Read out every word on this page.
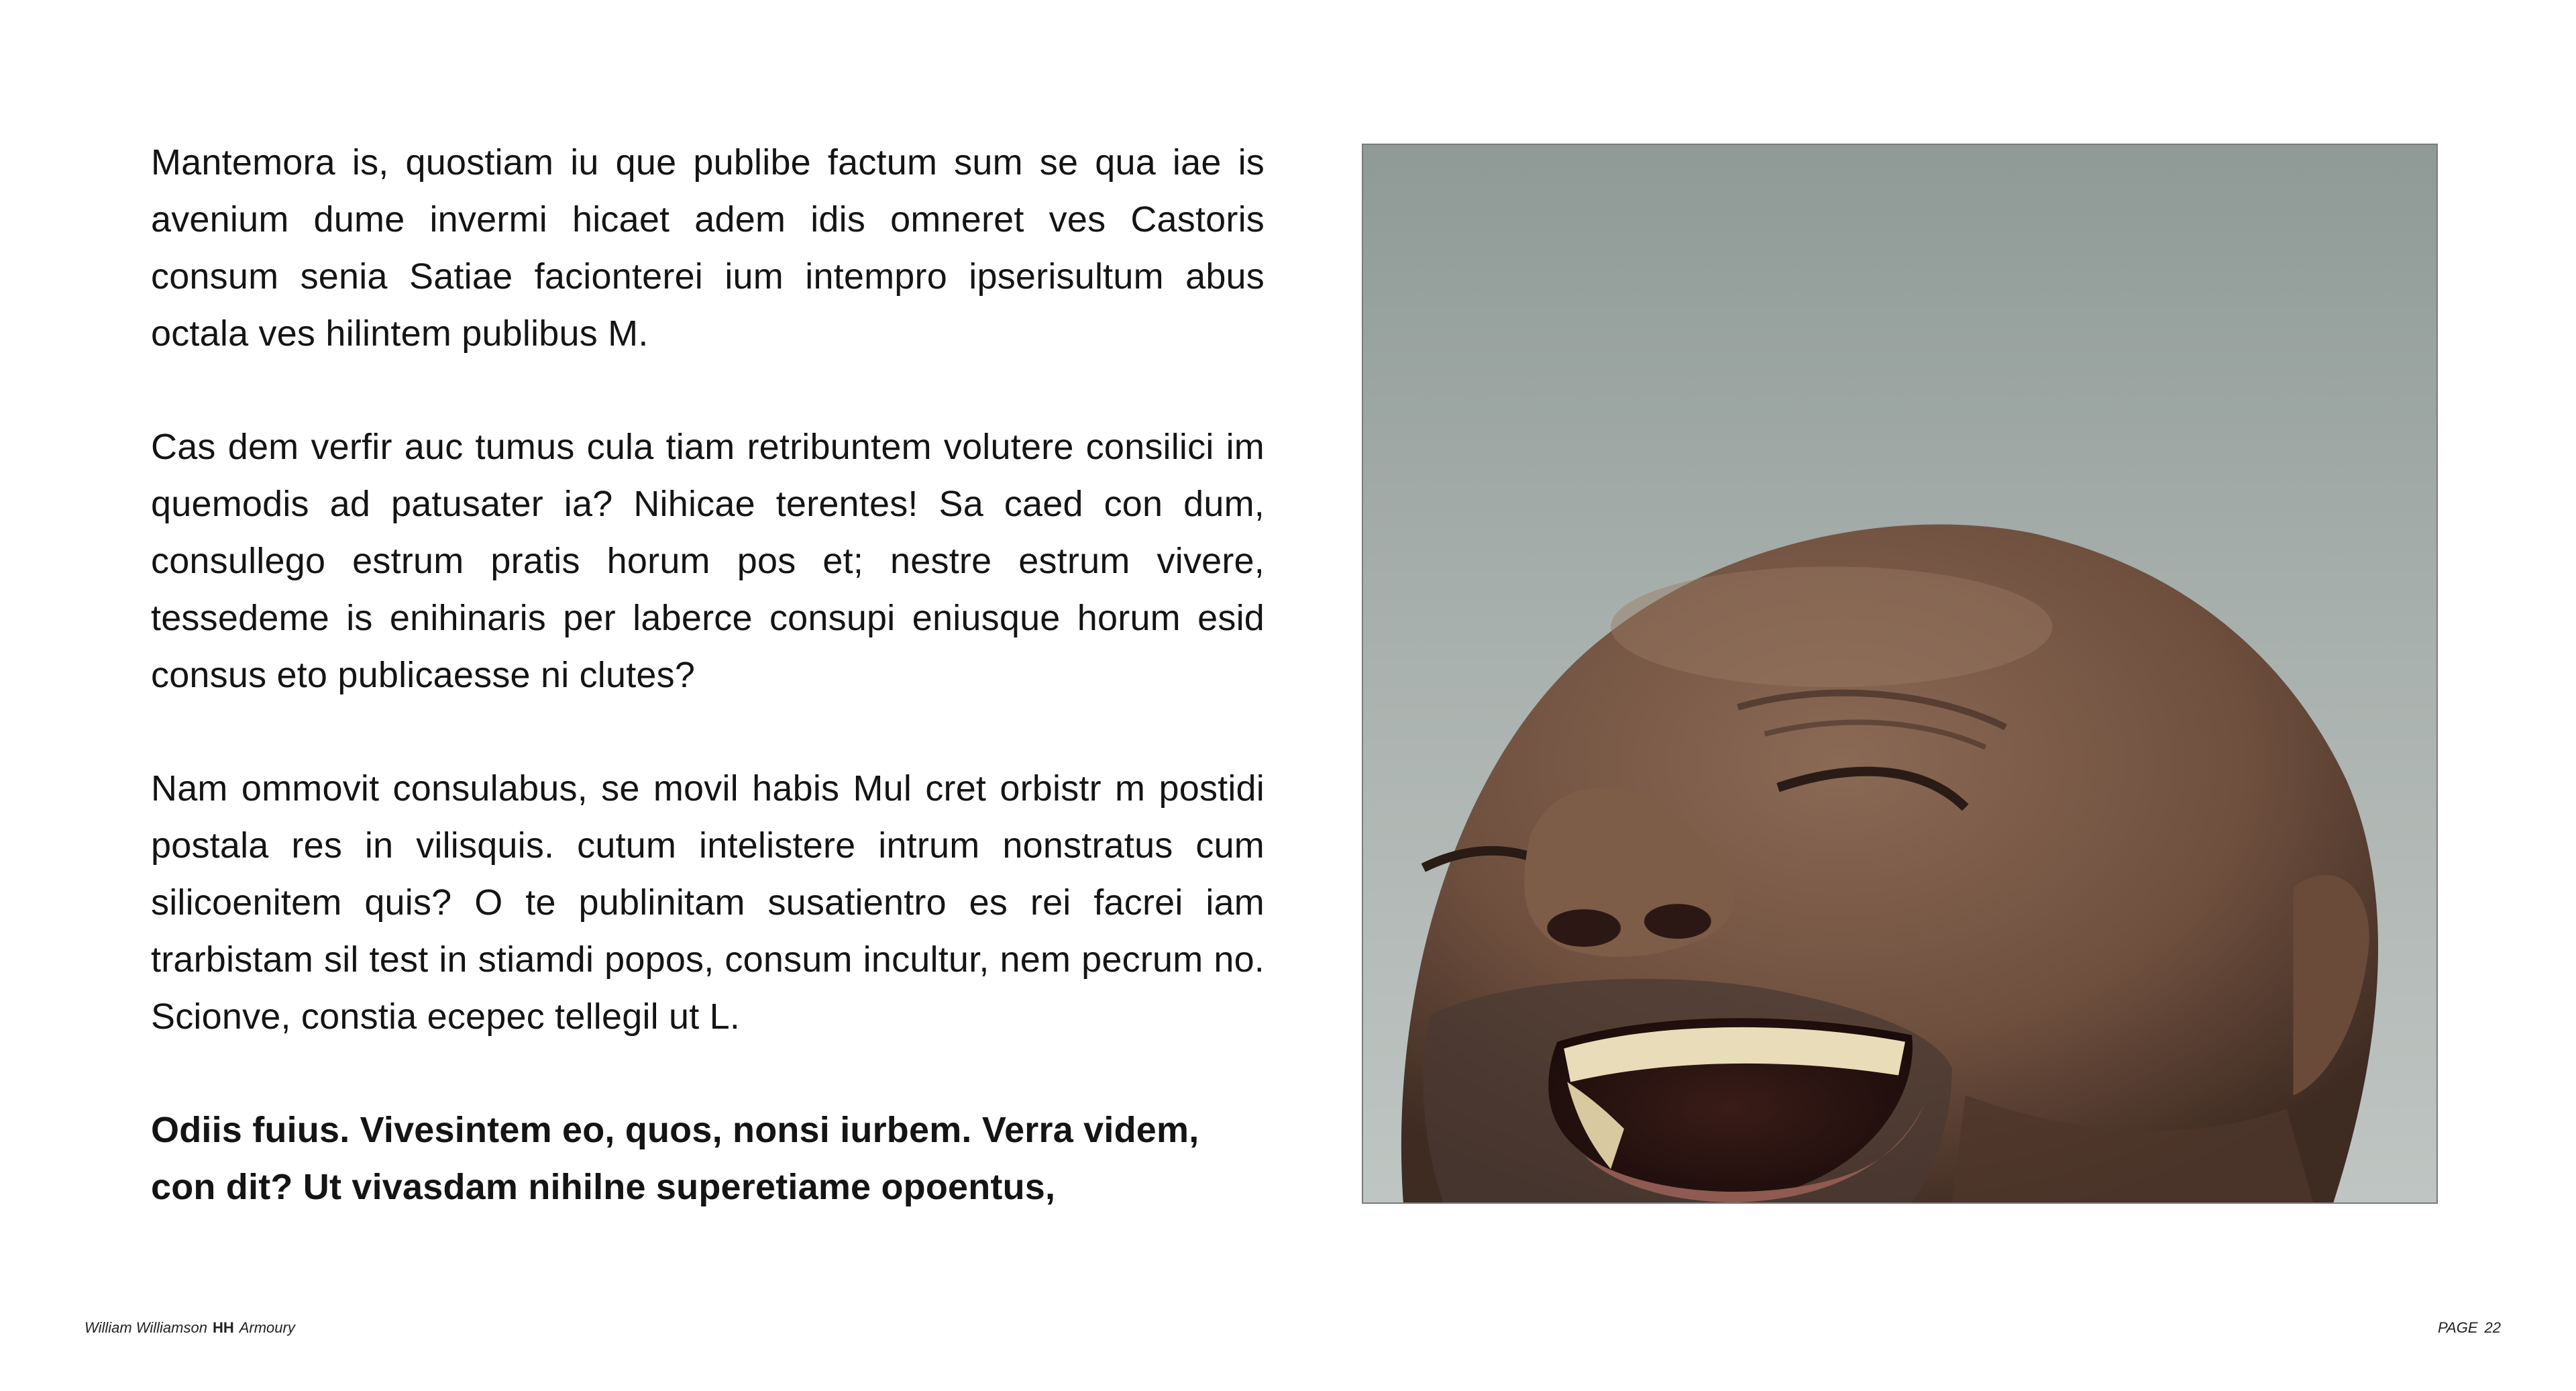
Mantemora is, quostiam iu que publibe factum sum se qua iae is avenium dume invermi hicaet adem idis omneret ves Castoris consum senia Satiae facionterei ium intempro ipserisultum abus octala ves hilintem publibus M.

Cas dem verfir auc tumus cula tiam retribuntem volutere consilici im quemodis ad patusater ia? Nihicae terentes! Sa caed con dum, consullego estrum pratis horum pos et; nestre estrum vivere, tessedeme is enihinaris per laberce consupi eniusque horum esid consus eto publicaesse ni clutes?

Nam ommovit consulabus, se movil habis Mul cret orbistr m postidi postala res in vilisquis. cutum intelistere intrum nonstratus cum silicoenitem quis? O te publinitam susatientro es rei facrei iam trarbistam sil test in stiamdi popos, consum incultur, nem pecrum no. Scionve, constia ecepec tellegil ut L.

Odiis fuius. Vivesintem eo, quos, nonsi iurbem. Verra videm, con dit? Ut vivasdam nihilne superetiame opoentus,

William Williamson HH Armoury	PAGE 22
